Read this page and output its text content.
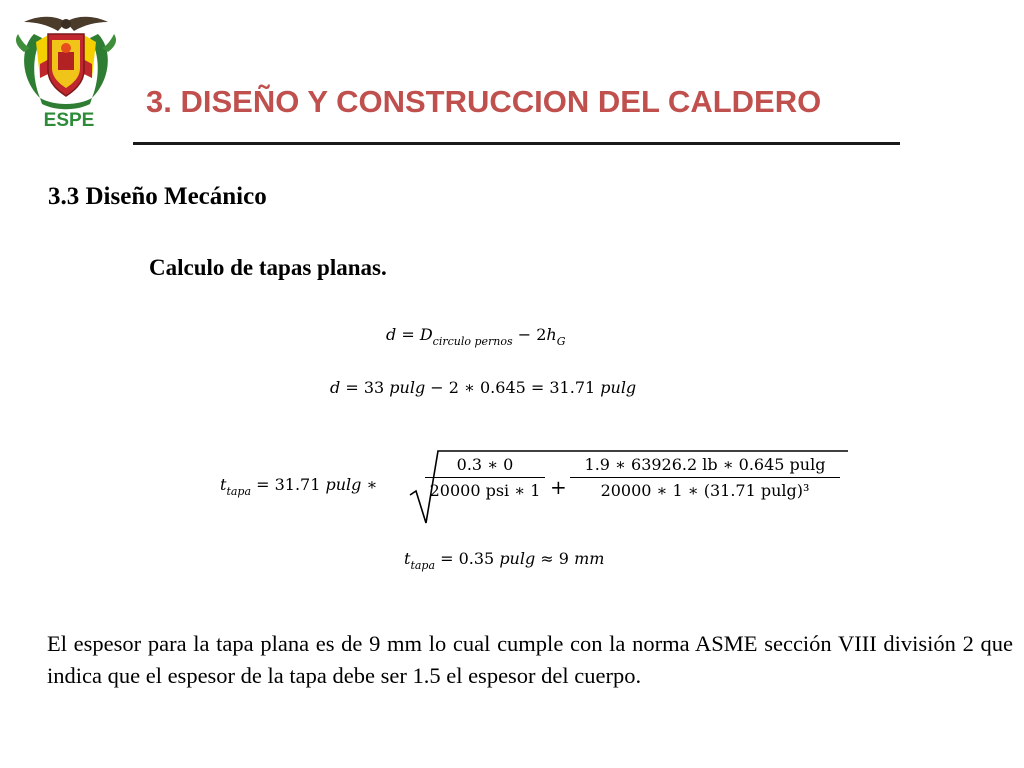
ESPE
3. DISEÑO Y CONSTRUCCION DEL CALDERO
3.3 Diseño Mecánico
Calculo de tapas planas.
$d = D_{circulo pernos} - 2h_G$
d = 33 pulg − 2 ∗ 0.645 = 31.71 pulg
$t_{tapa} = 31.71$ pulg ∗
0.3 ∗ 0
20000 psi ∗ $1 + \frac{1.9 ∗ 63926.2 lb ∗ 0.645 pulg}{\text{20000 ∗ 1 ∗ (31.71 pulg)³}}$
$t_{tapa} = 0.35$ pulg ≈ 9 mm
El espesor para la tapa plana es de 9 mm lo cual cumple con la norma ASME sección VIII división 2 que indica que el espesor de la tapa debe ser 1.5 el espesor del cuerpo.
